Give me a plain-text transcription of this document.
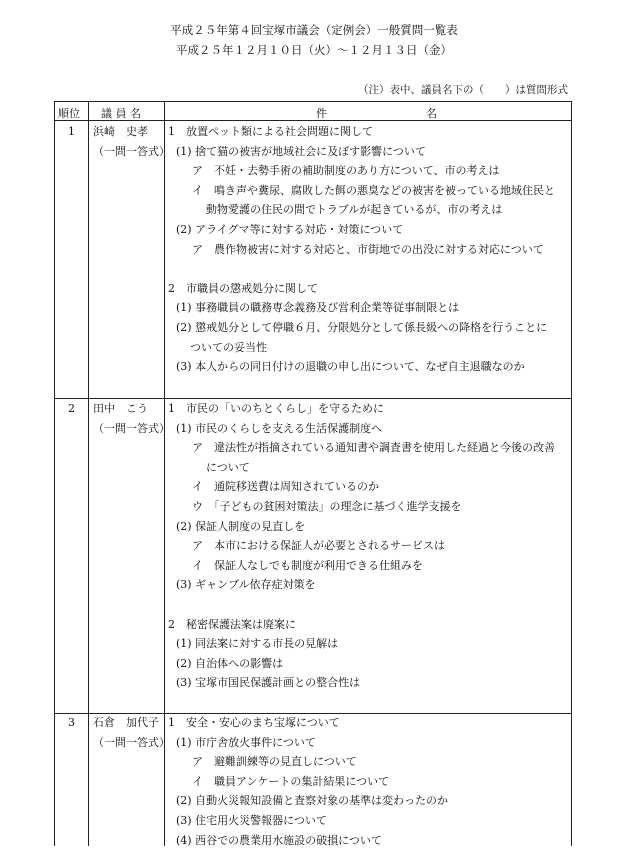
平成２５年第４回宝塚市議会（定例会）一般質問一覧表
平成２５年１２月１０日（火）～１２月１３日（金）
（注）表中、議員名下の（　　）は質問形式
順位 議 員 名	件　　　　　　　　　名
1	浜崎　史孝
（一問一答式）
1　放置ペット類による社会問題に関して
(1) 捨て猫の被害が地域社会に及ぼす影響について
ア　不妊・去勢手術の補助制度のあり方について、市の考えは
イ　鳴き声や糞尿、腐敗した餌の悪臭などの被害を被っている地域住民と
動物愛護の住民の間でトラブルが起きているが、市の考えは
(2) アライグマ等に対する対応・対策について
ア　農作物被害に対する対応と、市街地での出没に対する対応について
2　市職員の懲戒処分に関して
(1) 事務職員の職務専念義務及び営利企業等従事制限とは
(2) 懲戒処分として停職６月、分限処分として係長級への降格を行うことに
ついての妥当性
(3) 本人からの同日付けの退職の申し出について、なぜ自主退職なのか
2	田中　こう
（一問一答式）
1　市民の「いのちとくらし」を守るために
(1) 市民のくらしを支える生活保護制度へ
ア　違法性が指摘されている通知書や調査書を使用した経過と今後の改善
について
イ　通院移送費は周知されているのか
ウ　「子どもの貧困対策法」の理念に基づく進学支援を
(2) 保証人制度の見直しを
ア　本市における保証人が必要とされるサービスは
イ　保証人なしでも制度が利用できる仕組みを
(3) ギャンブル依存症対策を
2　秘密保護法案は廃案に
(1) 同法案に対する市長の見解は
(2) 自治体への影響は
(3) 宝塚市国民保護計画との整合性は
3	石倉　加代子
（一問一答式）
1　安全・安心のまち宝塚について
(1) 市庁舎放火事件について
ア　避難訓練等の見直しについて
イ　職員アンケートの集計結果について
(2) 自動火災報知設備と査察対象の基準は変わったのか
(3) 住宅用火災警報器について
(4) 西谷での農業用水施設の破損について
